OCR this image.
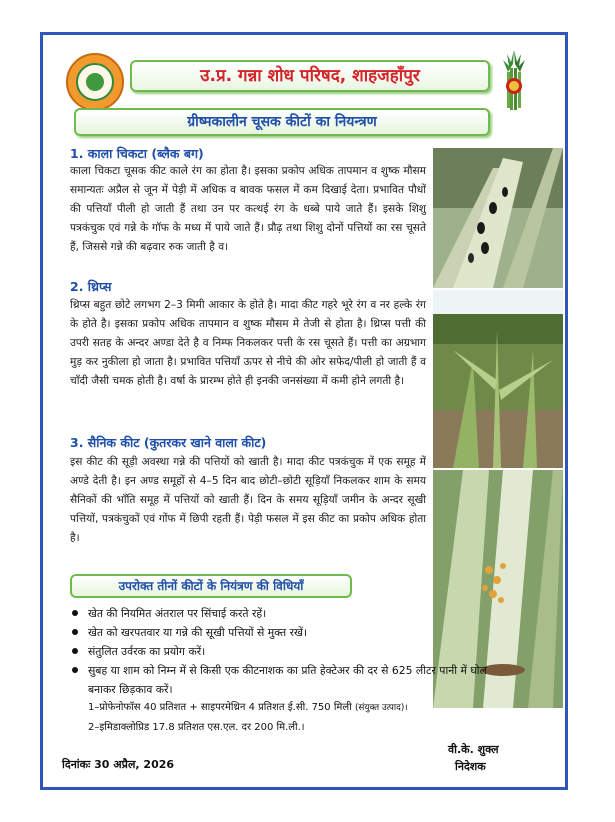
उ.प्र. गन्ना शोध परिषद, शाहजहाँपुर
ग्रीष्मकालीन चूसक कीटों का नियन्त्रण
1. काला चिकटा (ब्लैक बग)
काला चिकटा चूसक कीट काले रंग का होता है। इसका प्रकोप अधिक तापमान व शुष्क मौसम समान्यतः अप्रैल से जून में पेड़ी में अधिक व बावक फसल में कम दिखाई देता। प्रभावित पौधों की पत्तियाँ पीली हो जाती हैं तथा उन पर कत्थई रंग के धब्बे पाये जाते हैं। इसके शिशु पत्रकंचुक एवं गन्ने के गॉफ के मध्य में पाये जाते हैं। प्रौढ़ तथा शिशु दोनों पत्तियों का रस चूसते हैं, जिससे गन्ने की बढ़वार रुक जाती है व।
2. थ्रिप्स
थ्रिप्स बहुत छोटे लगभग 2–3 मिमी आकार के होते है। मादा कीट गहरे भूरे रंग व नर हल्के रंग के होते है। इसका प्रकोप अधिक तापमान व शुष्क मौसम मे तेजी से होता है। थ्रिप्स पत्ती की उपरी सतह के अन्दर अण्डा देते है व निम्फ निकलकर पत्ती के रस चूसते हैं। पत्ती का अग्रभाग मुड़ कर नुकीला हो जाता है। प्रभावित पत्तियाँ ऊपर से नीचे की ओर सफेद/पीली हो जाती हैं व चाँदी जैसी चमक होती है। वर्षा के प्रारम्भ होते ही इनकी जनसंख्या में कमी होने लगती है।
3. सैनिक कीट (कुतरकर खाने वाला कीट)
इस कीट की सूड़ी अवस्था गन्ने की पत्तियों को खाती है। मादा कीट पत्रकंचुक में एक समूह में अण्डे देती है। इन अण्ड समूहों से 4–5 दिन बाद छोटी–छोटी सूड़ियाँ निकलकर शाम के समय सैनिकों की भाँति समूह में पत्तियों को खाती हैं। दिन के समय सूड़ियाँ जमीन के अन्दर सूखी पत्तियों, पत्रकंचुकों एवं गोंफ में छिपी रहती हैं। पेड़ी फसल में इस कीट का प्रकोप अधिक होता है।
उपरोक्त तीनों कीटों के नियंत्रण की विधियाँ
खेत की नियमित अंतराल पर सिंचाई करते रहें।
खेत को खरपतवार या गन्ने की सूखी पत्तियों से मुक्त रखें।
संतुलित उर्वरक का प्रयोग करें।
सुबह या शाम को निम्न में से किसी एक कीटनाशक का प्रति हेक्टेअर की दर से 625 लीटर पानी में घोल बनाकर छिड़काव करें।
1–प्रोफेनोफॉस 40 प्रतिशत + साइपरमेथ्रिन 4 प्रतिशत ई.सी. 750 मिली (संयुक्त उत्पाद)।
2–इमिडाक्लोप्रिड 17.8 प्रतिशत एस.एल. दर 200 मि.ली.।
दिनांकः 30 अप्रैल, 2026
वी.के. शुक्ल
निदेशक
